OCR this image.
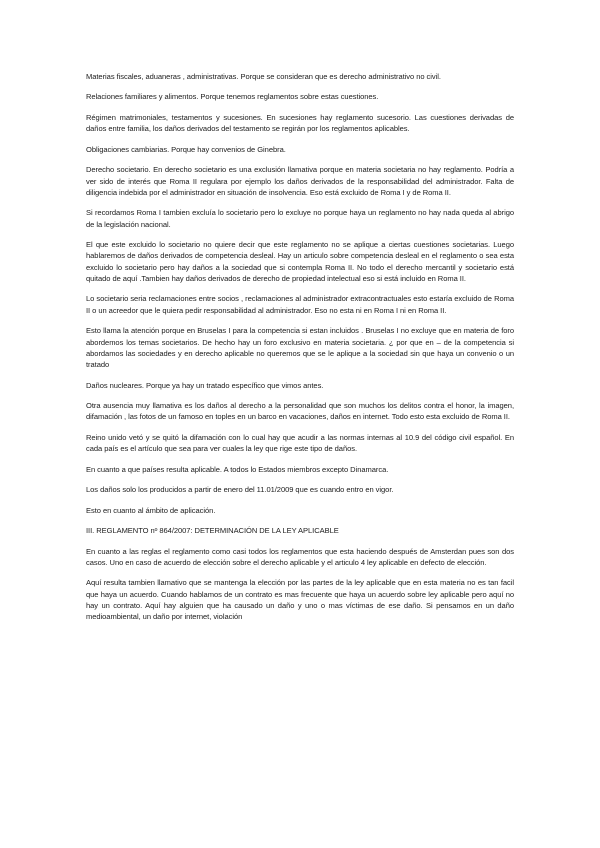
Materias fiscales, aduaneras , administrativas. Porque se consideran que es derecho administrativo no civil.

Relaciones familiares y alimentos. Porque tenemos reglamentos sobre estas cuestiones.

Régimen matrimoniales, testamentos y sucesiones. En sucesiones hay reglamento sucesorio. Las cuestiones derivadas de daños entre familia, los daños derivados del testamento se regirán por los reglamentos aplicables.

Obligaciones cambiarias. Porque hay convenios de Ginebra.

Derecho societario. En derecho societario es una exclusión llamativa porque en materia societaria no hay reglamento. Podría a ver sido de interés que Roma II regulara por ejemplo los daños derivados de la responsabilidad del administrador. Falta de diligencia indebida por el administrador en situación de insolvencia. Eso está excluido de Roma I y de Roma II.

Si recordamos Roma I tambien excluía lo societario pero lo excluye no porque haya un reglamento no hay nada queda al abrigo de la legislación nacional.

El que este excluido lo societario no quiere decir que este reglamento no se aplique a ciertas cuestiones societarias. Luego hablaremos de daños derivados de competencia desleal. Hay un articulo sobre competencia desleal en el reglamento o sea esta excluido lo societario pero hay daños a la sociedad que si contempla Roma II. No todo el derecho mercantil y societario está quitado de aquí .Tambien hay daños derivados de derecho de propiedad intelectual eso si está incluido en Roma II.

Lo societario seria reclamaciones entre socios , reclamaciones al administrador extracontractuales esto estaría excluido de Roma II o un acreedor que le quiera pedir responsabilidad al administrador. Eso no esta ni en Roma I ni en Roma II.

Esto llama la atención porque en Bruselas I para la competencia si estan incluidos . Bruselas I no excluye que en materia de foro abordemos los temas societarios. De hecho hay un foro exclusivo en materia societaria. ¿ por que en – de la competencia si abordamos las sociedades y en derecho aplicable no queremos que se le aplique a la sociedad sin que haya un convenio o un tratado

Daños nucleares. Porque ya hay un tratado específico que vimos antes.

Otra ausencia muy llamativa es los daños al derecho a la personalidad que son muchos los delitos contra el honor, la imagen, difamación , las fotos de un famoso en toples en un barco en vacaciones, daños en internet. Todo esto esta excluido de Roma II.

Reino unido vetó y se quitó la difamación con lo cual hay que acudir a las normas internas al 10.9 del código civil español. En cada país es el artículo que sea para ver cuales la ley que rige este tipo de daños.

En cuanto a que países resulta aplicable. A todos lo Estados miembros excepto Dinamarca.

Los daños solo los producidos a partir de enero del 11.01/2009 que es cuando entro en vigor.

Esto en cuanto al ámbito de aplicación.

III. REGLAMENTO nº 864/2007: DETERMINACIÓN DE LA LEY APLICABLE

En cuanto a las reglas el reglamento como casi todos los reglamentos que esta haciendo después de Amsterdan pues son dos casos. Uno en caso de acuerdo de elección sobre el derecho aplicable y el articulo 4 ley aplicable en defecto de elección.

Aquí resulta tambien llamativo que se mantenga la elección por las partes de la ley aplicable que en esta materia no es tan facil que haya un acuerdo. Cuando hablamos de un contrato es mas frecuente que haya un acuerdo sobre ley aplicable pero aquí no hay un contrato. Aquí hay alguien que ha causado un daño y uno o mas víctimas de ese daño. Si pensamos en un daño medioambiental, un daño por internet, violación
